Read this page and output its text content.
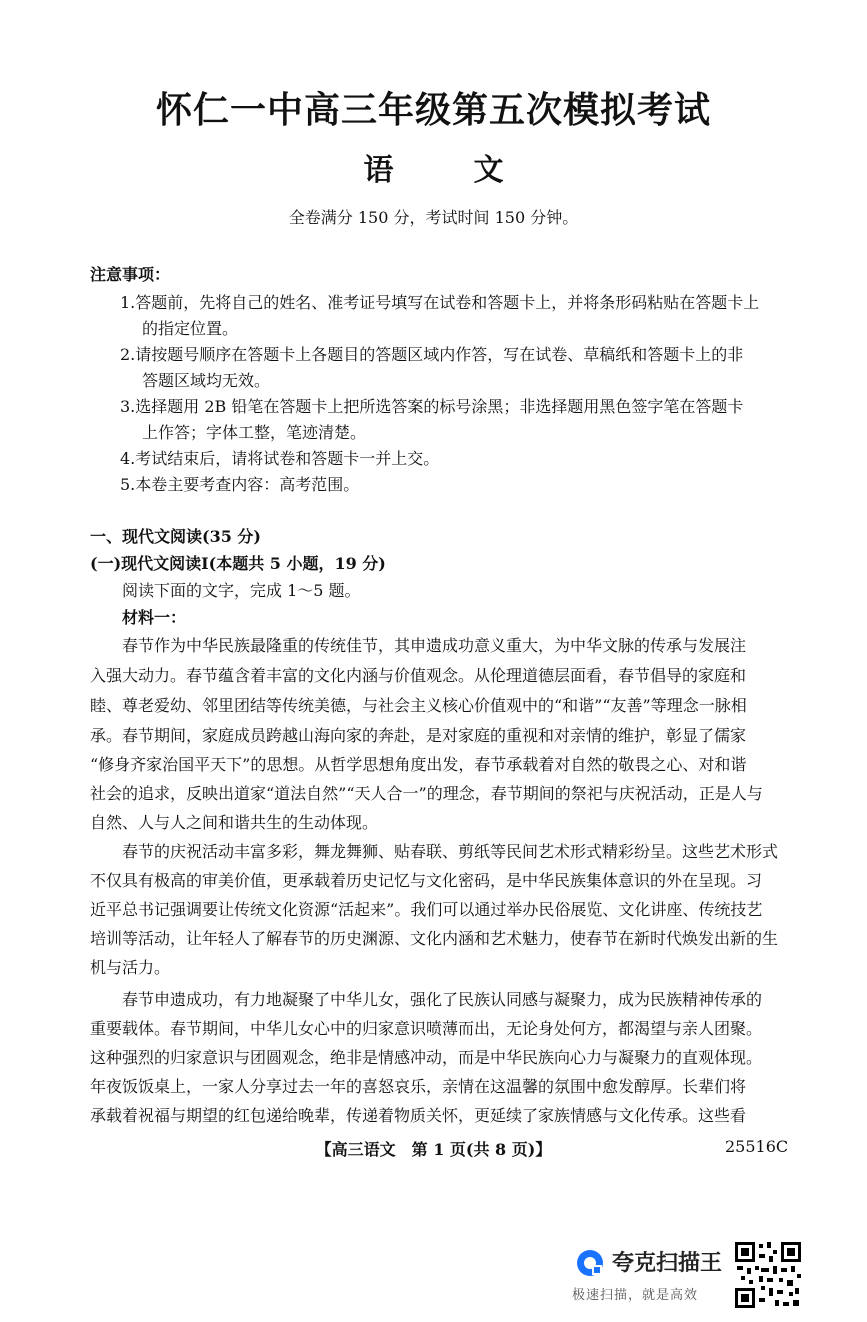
怀仁一中高三年级第五次模拟考试
语	文
全卷满分 150 分，考试时间 150 分钟。
注意事项：
1.答题前，先将自己的姓名、准考证号填写在试卷和答题卡上，并将条形码粘贴在答题卡上
的指定位置。
2.请按题号顺序在答题卡上各题目的答题区域内作答，写在试卷、草稿纸和答题卡上的非
答题区域均无效。
3.选择题用 2B 铅笔在答题卡上把所选答案的标号涂黑；非选择题用黑色签字笔在答题卡
上作答；字体工整，笔迹清楚。
4.考试结束后，请将试卷和答题卡一并上交。
5.本卷主要考查内容：高考范围。
一、现代文阅读(35 分)
(一)现代文阅读Ⅰ(本题共 5 小题，19 分)
阅读下面的文字，完成 1～5 题。
材料一：
春节作为中华民族最隆重的传统佳节，其申遗成功意义重大，为中华文脉的传承与发展注
入强大动力。春节蕴含着丰富的文化内涵与价值观念。从伦理道德层面看，春节倡导的家庭和
睦、尊老爱幼、邻里团结等传统美德，与社会主义核心价值观中的“和谐”“友善”等理念一脉相
承。春节期间，家庭成员跨越山海向家的奔赴，是对家庭的重视和对亲情的维护，彰显了儒家
“修身齐家治国平天下”的思想。从哲学思想角度出发，春节承载着对自然的敬畏之心、对和谐
社会的追求，反映出道家“道法自然”“天人合一”的理念，春节期间的祭祀与庆祝活动，正是人与
自然、人与人之间和谐共生的生动体现。
春节的庆祝活动丰富多彩，舞龙舞狮、贴春联、剪纸等民间艺术形式精彩纷呈。这些艺术形式
不仅具有极高的审美价值，更承载着历史记忆与文化密码，是中华民族集体意识的外在呈现。习
近平总书记强调要让传统文化资源“活起来”。我们可以通过举办民俗展览、文化讲座、传统技艺
培训等活动，让年轻人了解春节的历史渊源、文化内涵和艺术魅力，使春节在新时代焕发出新的生
机与活力。
春节申遗成功，有力地凝聚了中华儿女，强化了民族认同感与凝聚力，成为民族精神传承的
重要载体。春节期间，中华儿女心中的归家意识喷薄而出，无论身处何方，都渴望与亲人团聚。
这种强烈的归家意识与团圆观念，绝非是情感冲动，而是中华民族向心力与凝聚力的直观体现。
年夜饭饭桌上，一家人分享过去一年的喜怒哀乐，亲情在这温馨的氛围中愈发醇厚。长辈们将
承载着祝福与期望的红包递给晚辈，传递着物质关怀，更延续了家族情感与文化传承。这些看
【高三语文　第 1 页(共 8 页)】	25516C
夸克扫描王
极速扫描，就是高效
